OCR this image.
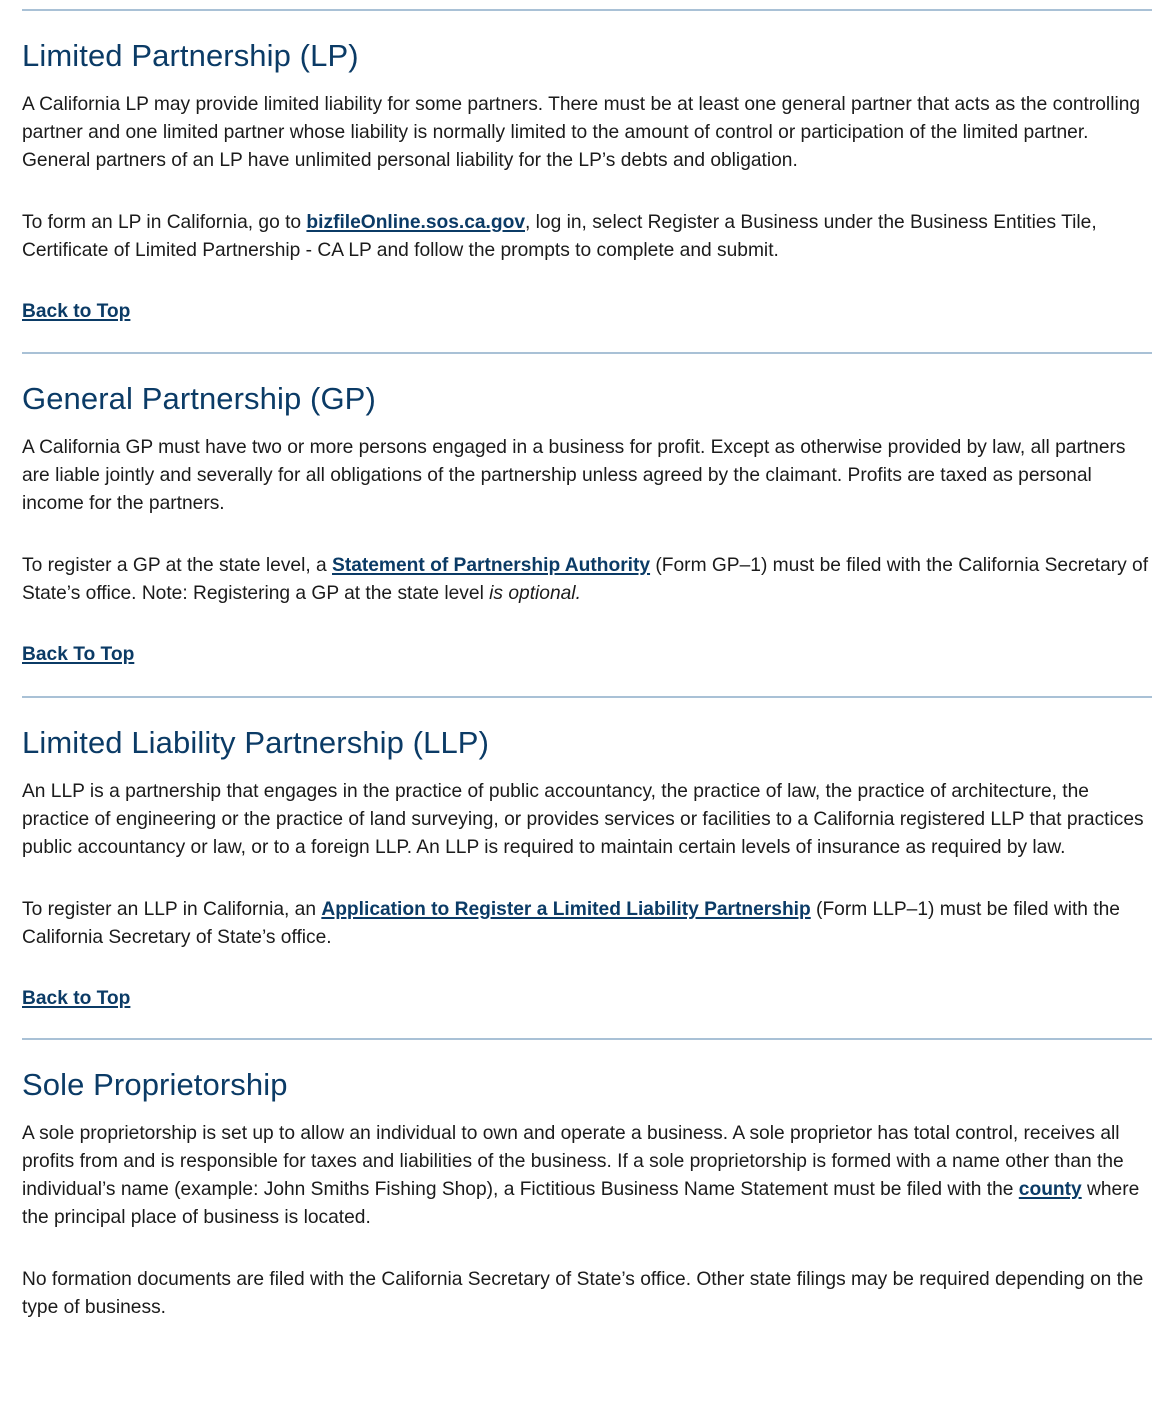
Limited Partnership (LP)

A California LP may provide limited liability for some partners. There must be at least one general partner that acts as the controlling partner and one limited partner whose liability is normally limited to the amount of control or participation of the limited partner. General partners of an LP have unlimited personal liability for the LP’s debts and obligation.

To form an LP in California, go to bizfileOnline.sos.ca.gov, log in, select Register a Business under the Business Entities Tile, Certificate of Limited Partnership - CA LP and follow the prompts to complete and submit.

Back to Top

General Partnership (GP)

A California GP must have two or more persons engaged in a business for profit. Except as otherwise provided by law, all partners are liable jointly and severally for all obligations of the partnership unless agreed by the claimant. Profits are taxed as personal income for the partners.

To register a GP at the state level, a Statement of Partnership Authority (Form GP–1) must be filed with the California Secretary of State’s office. Note: Registering a GP at the state level is optional.

Back To Top

Limited Liability Partnership (LLP)

An LLP is a partnership that engages in the practice of public accountancy, the practice of law, the practice of architecture, the practice of engineering or the practice of land surveying, or provides services or facilities to a California registered LLP that practices public accountancy or law, or to a foreign LLP. An LLP is required to maintain certain levels of insurance as required by law.

To register an LLP in California, an Application to Register a Limited Liability Partnership (Form LLP–1) must be filed with the California Secretary of State’s office.

Back to Top

Sole Proprietorship

A sole proprietorship is set up to allow an individual to own and operate a business. A sole proprietor has total control, receives all profits from and is responsible for taxes and liabilities of the business. If a sole proprietorship is formed with a name other than the individual’s name (example: John Smiths Fishing Shop), a Fictitious Business Name Statement must be filed with the county where the principal place of business is located.

No formation documents are filed with the California Secretary of State’s office. Other state filings may be required depending on the type of business.
